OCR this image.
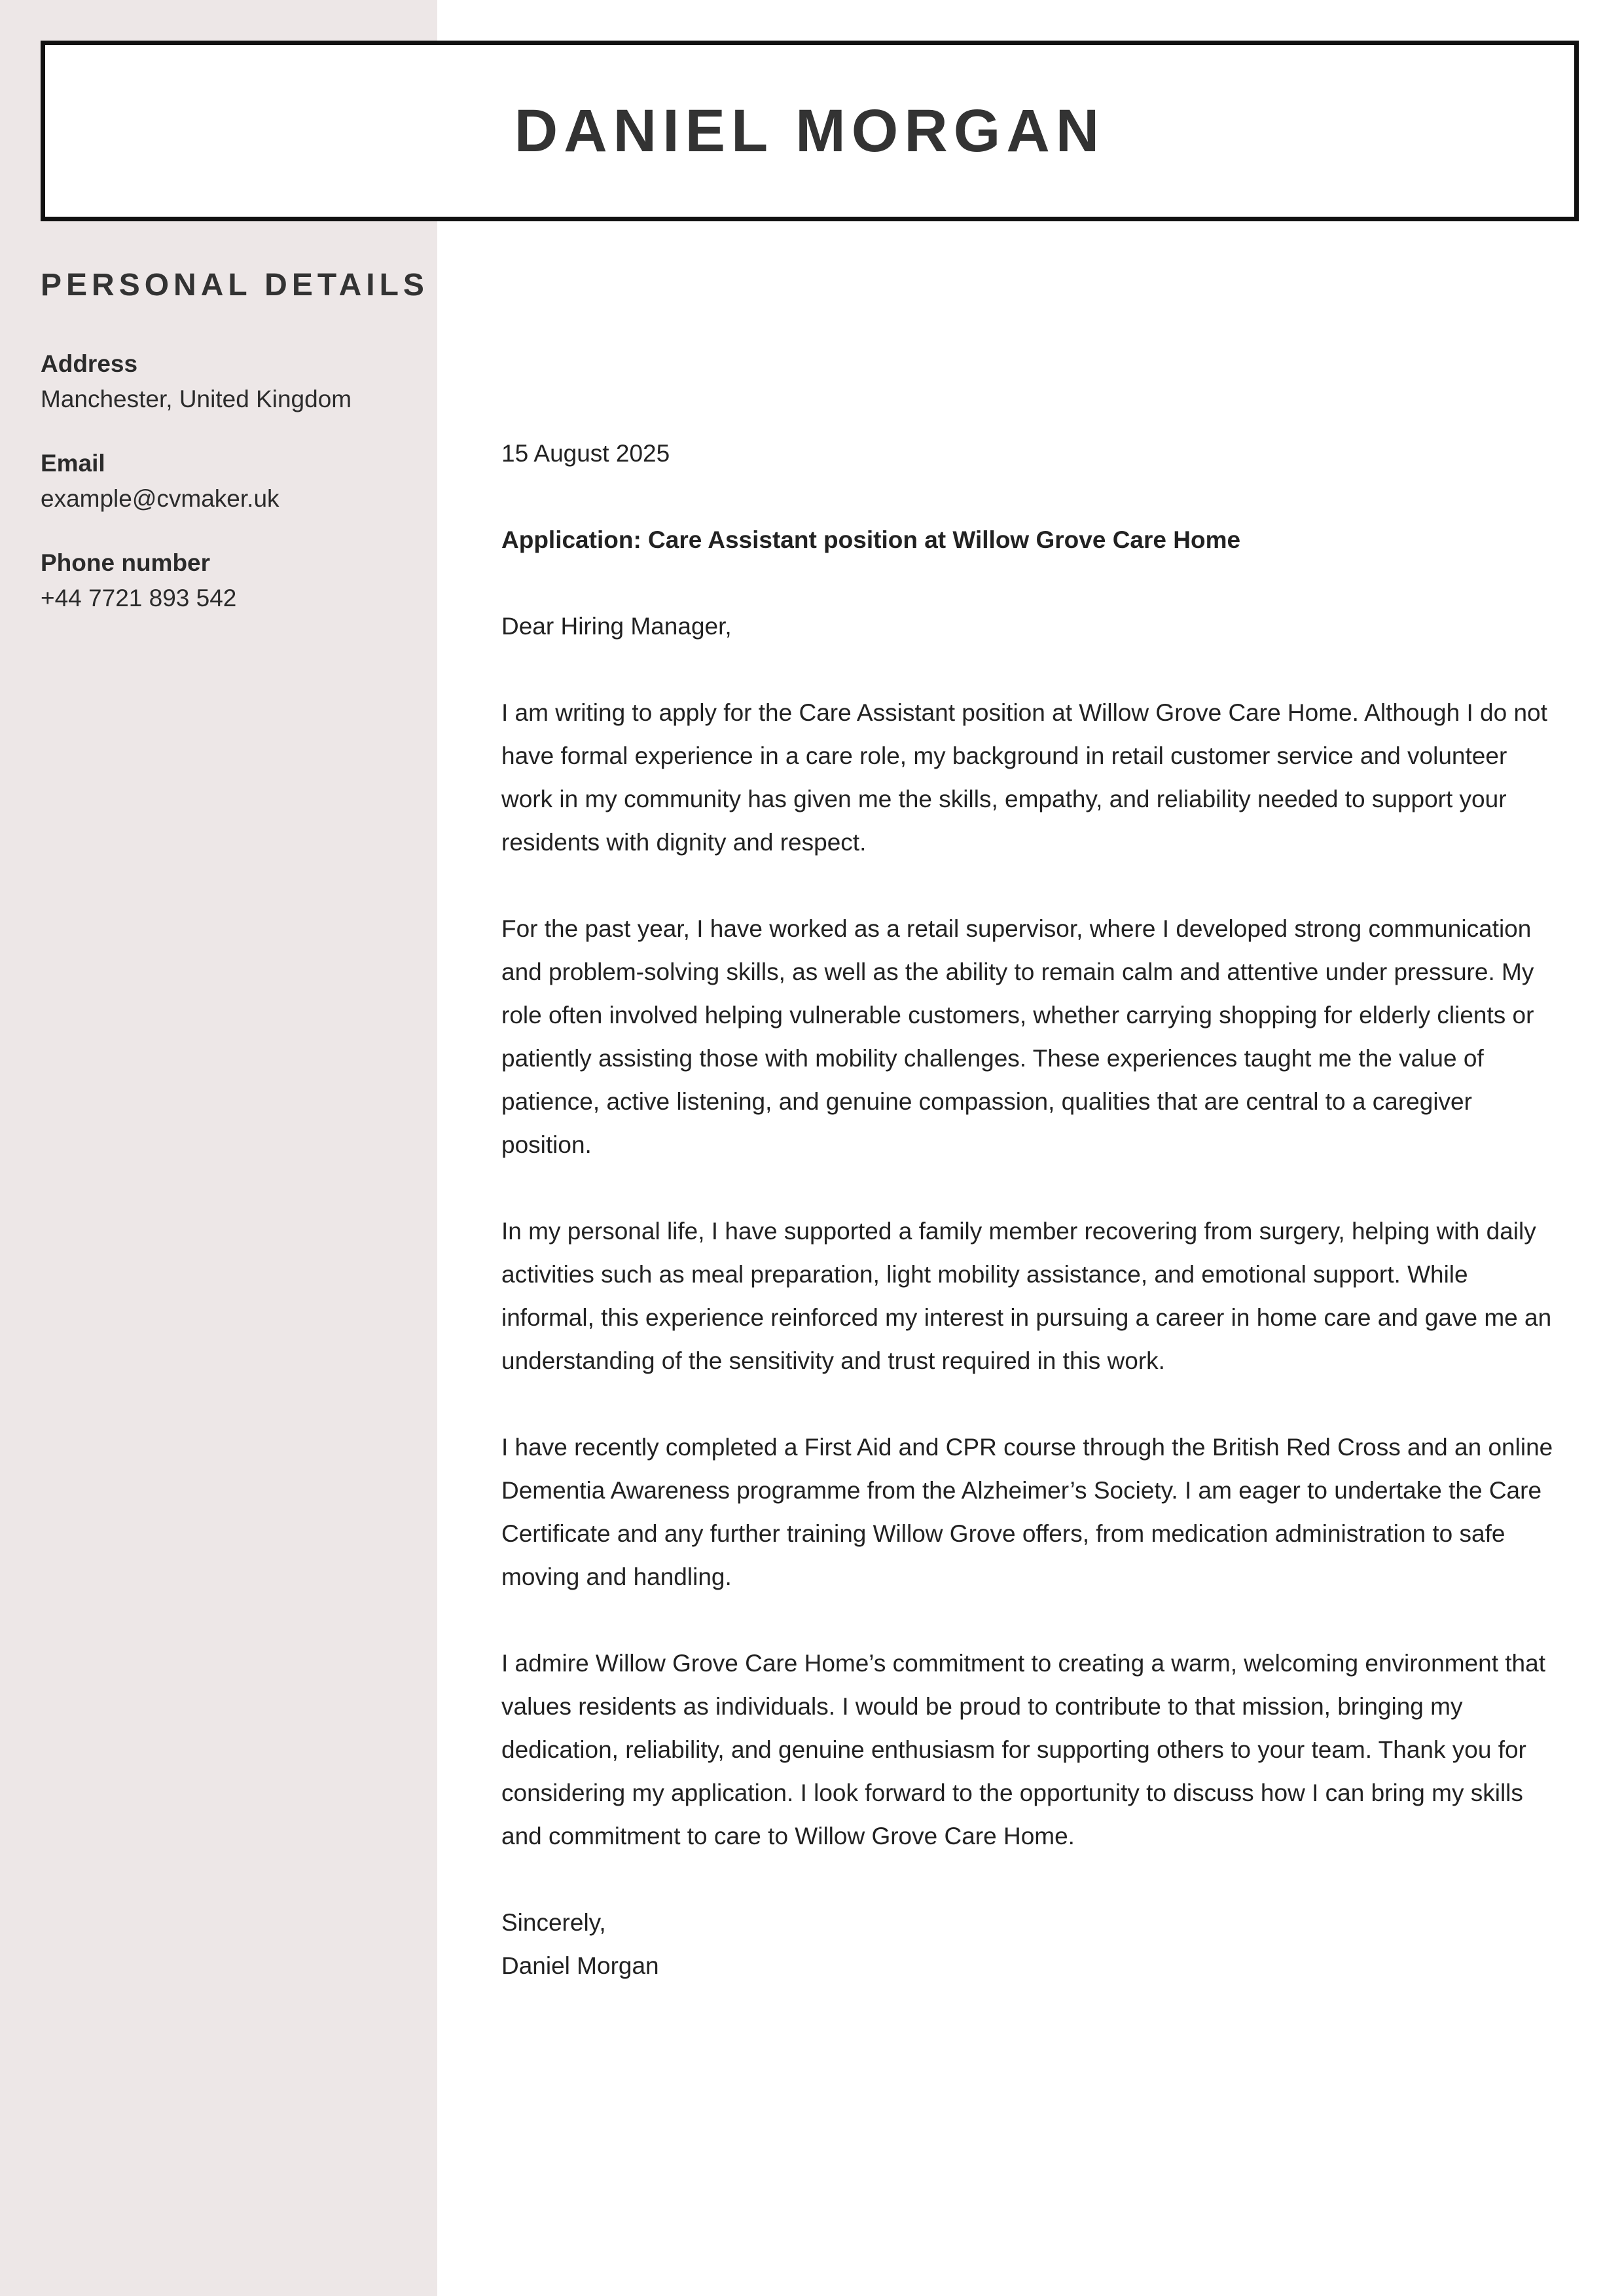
DANIEL MORGAN
PERSONAL DETAILS
Address
Manchester, United Kingdom
Email
example@cvmaker.uk
Phone number
+44 7721 893 542

15 August 2025

Application: Care Assistant position at Willow Grove Care Home

Dear Hiring Manager,

I am writing to apply for the Care Assistant position at Willow Grove Care Home. Although I do not have formal experience in a care role, my background in retail customer service and volunteer work in my community has given me the skills, empathy, and reliability needed to support your residents with dignity and respect.

For the past year, I have worked as a retail supervisor, where I developed strong communication and problem-solving skills, as well as the ability to remain calm and attentive under pressure. My role often involved helping vulnerable customers, whether carrying shopping for elderly clients or patiently assisting those with mobility challenges. These experiences taught me the value of patience, active listening, and genuine compassion, qualities that are central to a caregiver position.

In my personal life, I have supported a family member recovering from surgery, helping with daily activities such as meal preparation, light mobility assistance, and emotional support. While informal, this experience reinforced my interest in pursuing a career in home care and gave me an understanding of the sensitivity and trust required in this work.

I have recently completed a First Aid and CPR course through the British Red Cross and an online Dementia Awareness programme from the Alzheimer’s Society. I am eager to undertake the Care Certificate and any further training Willow Grove offers, from medication administration to safe moving and handling.

I admire Willow Grove Care Home’s commitment to creating a warm, welcoming environment that values residents as individuals. I would be proud to contribute to that mission, bringing my dedication, reliability, and genuine enthusiasm for supporting others to your team. Thank you for considering my application. I look forward to the opportunity to discuss how I can bring my skills and commitment to care to Willow Grove Care Home.

Sincerely,

Daniel Morgan
